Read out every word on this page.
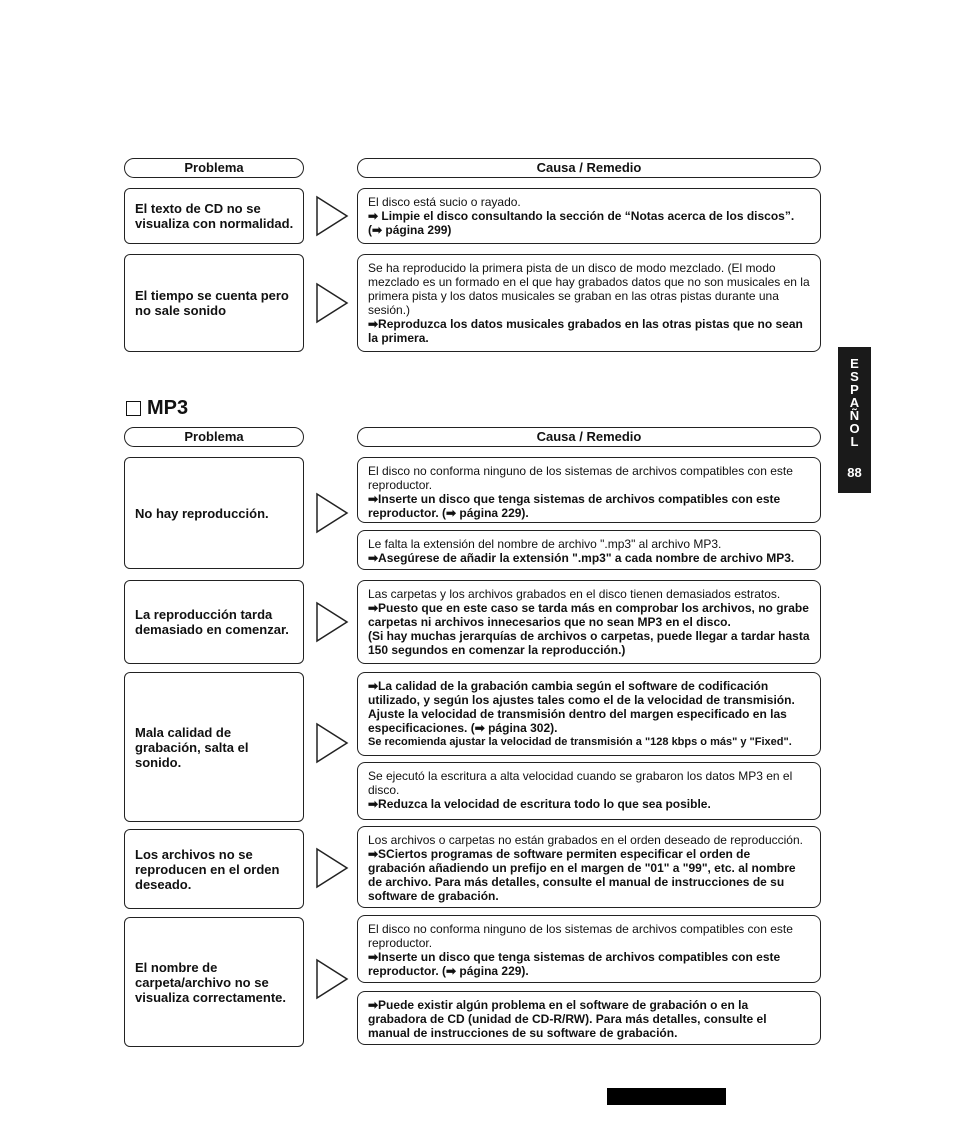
Problema	Causa / Remedio
El texto de CD no se visualiza con normalidad.
El disco está sucio o rayado.
➡ Limpie el disco consultando la sección de “Notas acerca de los discos”. (➡ página 299)
El tiempo se cuenta pero no sale sonido
Se ha reproducido la primera pista de un disco de modo mezclado. (El modo mezclado es un formado en el que hay grabados datos que no son musicales en la primera pista y los datos musicales se graban en las otras pistas durante una sesión.)
➡Reproduzca los datos musicales grabados en las otras pistas que no sean la primera.
MP3
Problema	Causa / Remedio
No hay reproducción.
El disco no conforma ninguno de los sistemas de archivos compatibles con este reproductor.
➡Inserte un disco que tenga sistemas de archivos compatibles con este reproductor. (➡ página 229).
Le falta la extensión del nombre de archivo ".mp3" al archivo MP3.
➡Asegúrese de añadir la extensión ".mp3" a cada nombre de archivo MP3.
La reproducción tarda demasiado en comenzar.
Las carpetas y los archivos grabados en el disco tienen demasiados estratos.
➡Puesto que en este caso se tarda más en comprobar los archivos, no grabe carpetas ni archivos innecesarios que no sean MP3 en el disco.
(Si hay muchas jerarquías de archivos o carpetas, puede llegar a tardar hasta 150 segundos en comenzar la reproducción.)
Mala calidad de grabación, salta el sonido.
➡La calidad de la grabación cambia según el software de codificación utilizado, y según los ajustes tales como el de la velocidad de transmisión. Ajuste la velocidad de transmisión dentro del margen especificado en las especificaciones. (➡ página 302).
Se recomienda ajustar la velocidad de transmisión a "128 kbps o más" y "Fixed".
Se ejecutó la escritura a alta velocidad cuando se grabaron los datos MP3 en el disco.
➡Reduzca la velocidad de escritura todo lo que sea posible.
Los archivos no se reproducen en el orden deseado.
Los archivos o carpetas no están grabados en el orden deseado de reproducción.
➡SCiertos programas de software permiten especificar el orden de grabación añadiendo un prefijo en el margen de "01" a "99", etc. al nombre de archivo. Para más detalles, consulte el manual de instrucciones de su software de grabación.
El nombre de carpeta/archivo no se visualiza correctamente.
El disco no conforma ninguno de los sistemas de archivos compatibles con este reproductor.
➡Inserte un disco que tenga sistemas de archivos compatibles con este reproductor. (➡ página 229).
➡Puede existir algún problema en el software de grabación o en la grabadora de CD (unidad de CD-R/RW). Para más detalles, consulte el manual de instrucciones de su software de grabación.
E
S
P
A
Ñ
O
L
88
